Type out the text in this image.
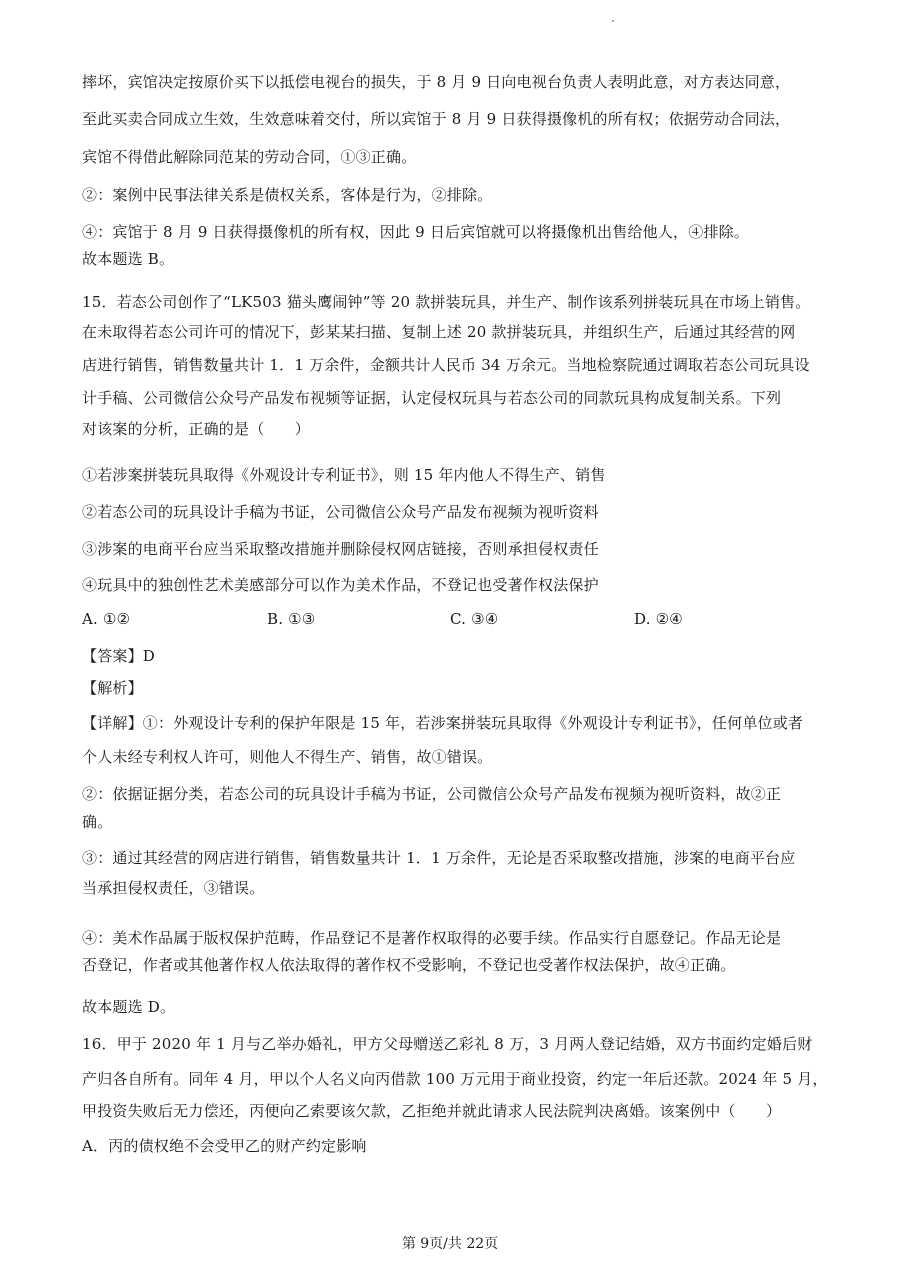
摔坏，宾馆决定按原价买下以抵偿电视台的损失，于 8 月 9 日向电视台负责人表明此意，对方表达同意，
至此买卖合同成立生效，生效意味着交付，所以宾馆于 8 月 9 日获得摄像机的所有权；依据劳动合同法，
宾馆不得借此解除同范某的劳动合同，①③正确。
②：案例中民事法律关系是债权关系，客体是行为，②排除。
④：宾馆于 8 月 9 日获得摄像机的所有权，因此 9 日后宾馆就可以将摄像机出售给他人，④排除。
故本题选 B。
15．若态公司创作了“LK503 猫头鹰闹钟”等 20 款拼装玩具，并生产、制作该系列拼装玩具在市场上销售。
在未取得若态公司许可的情况下，彭某某扫描、复制上述 20 款拼装玩具，并组织生产，后通过其经营的网
店进行销售，销售数量共计 1．1 万余件，金额共计人民币 34 万余元。当地检察院通过调取若态公司玩具设
计手稿、公司微信公众号产品发布视频等证据，认定侵权玩具与若态公司的同款玩具构成复制关系。下列
对该案的分析，正确的是（　　）
①若涉案拼装玩具取得《外观设计专利证书》，则 15 年内他人不得生产、销售
②若态公司的玩具设计手稿为书证，公司微信公众号产品发布视频为视听资料
③涉案的电商平台应当采取整改措施并删除侵权网店链接，否则承担侵权责任
④玩具中的独创性艺术美感部分可以作为美术作品，不登记也受著作权法保护
A. ①②	B. ①③	C. ③④	D. ②④
【答案】D
【解析】
【详解】①：外观设计专利的保护年限是 15 年，若涉案拼装玩具取得《外观设计专利证书》，任何单位或者
个人未经专利权人许可，则他人不得生产、销售，故①错误。
②：依据证据分类，若态公司的玩具设计手稿为书证，公司微信公众号产品发布视频为视听资料，故②正
确。
③：通过其经营的网店进行销售，销售数量共计 1．1 万余件，无论是否采取整改措施，涉案的电商平台应
当承担侵权责任，③错误。
④：美术作品属于版权保护范畴，作品登记不是著作权取得的必要手续。作品实行自愿登记。作品无论是
否登记，作者或其他著作权人依法取得的著作权不受影响，不登记也受著作权法保护，故④正确。
故本题选 D。
16．甲于 2020 年 1 月与乙举办婚礼，甲方父母赠送乙彩礼 8 万，3 月两人登记结婚，双方书面约定婚后财
产归各自所有。同年 4 月，甲以个人名义向丙借款 100 万元用于商业投资，约定一年后还款。2024 年 5 月，
甲投资失败后无力偿还，丙便向乙索要该欠款，乙拒绝并就此请求人民法院判决离婚。该案例中（　　）
A．丙的债权绝不会受甲乙的财产约定影响
第 9页/共 22页
